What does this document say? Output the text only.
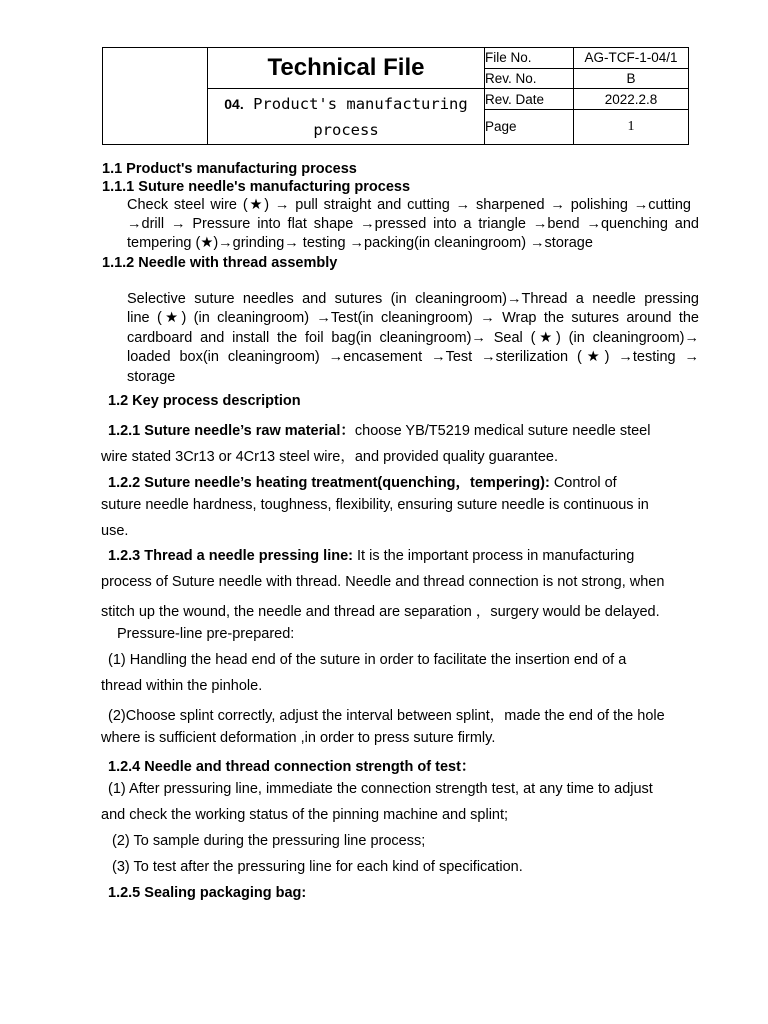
	Technical File	File No.	AG-TCF-1-04/1
		Rev. No.	B
	04. Product's manufacturing process	Rev. Date	2022.2.8
		Page	1
1.1 Product's manufacturing process
1.1.1 Suture needle's manufacturing process
Check steel wire (★) → pull straight and cutting → sharpened → polishing →cutting
→drill → Pressure into flat shape →pressed into a triangle →bend →quenching and
tempering (★)→grinding→ testing →packing(in cleaningroom) →storage
1.1.2 Needle with thread assembly
Selective suture needles and sutures (in cleaningroom)→Thread a needle pressing
line (★) (in cleaningroom) →Test(in cleaningroom) → Wrap the sutures around the
cardboard and install the foil bag(in cleaningroom)→ Seal (★) (in cleaningroom)→
loaded box(in cleaningroom) →encasement →Test →sterilization (★) →testing →
storage
1.2 Key process description
1.2.1 Suture needle’s raw material：choose YB/T5219 medical suture needle steel
wire stated 3Cr13 or 4Cr13 steel wire，and provided quality guarantee.
1.2.2 Suture needle’s heating treatment(quenching，tempering): Control of
suture needle hardness, toughness, flexibility, ensuring suture needle is continuous in
use.
1.2.3 Thread a needle pressing line: It is the important process in manufacturing
process of Suture needle with thread. Needle and thread connection is not strong, when
stitch up the wound, the needle and thread are separation ，surgery would be delayed.
Pressure-line pre-prepared:
(1) Handling the head end of the suture in order to facilitate the insertion end of a
thread within the pinhole.
(2)Choose splint correctly, adjust the interval between splint，made the end of the hole
where is sufficient deformation ,in order to press suture firmly.
1.2.4 Needle and thread connection strength of test：
(1) After pressuring line, immediate the connection strength test, at any time to adjust
and check the working status of the pinning machine and splint;
(2) To sample during the pressuring line process;
(3) To test after the pressuring line for each kind of specification.
1.2.5 Sealing packaging bag:
